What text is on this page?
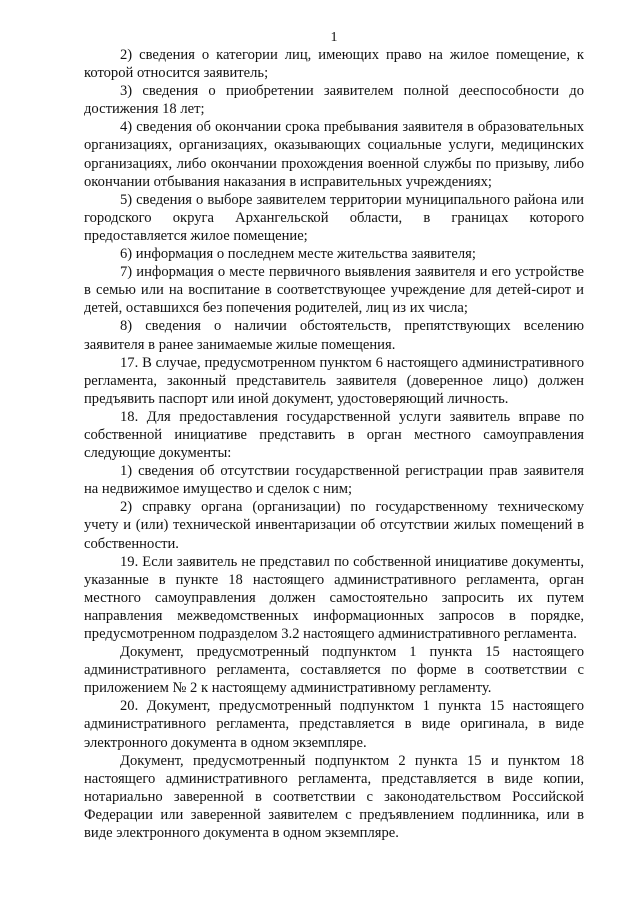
1

2) сведения о категории лиц, имеющих право на жилое помещение, к которой относится заявитель;

3) сведения о приобретении заявителем полной дееспособности до достижения 18 лет;

4) сведения об окончании срока пребывания заявителя в образовательных организациях, организациях, оказывающих социальные услуги, медицинских организациях, либо окончании прохождения военной службы по призыву, либо окончании отбывания наказания в исправительных учреждениях;

5) сведения о выборе заявителем территории муниципального района или городского округа Архангельской области, в границах которого предоставляется жилое помещение;

6) информация о последнем месте жительства заявителя;

7) информация о месте первичного выявления заявителя и его устройстве в семью или на воспитание в соответствующее учреждение для детей-сирот и детей, оставшихся без попечения родителей, лиц из их числа;

8) сведения о наличии обстоятельств, препятствующих вселению заявителя в ранее занимаемые жилые помещения.

17. В случае, предусмотренном пунктом 6 настоящего административного регламента, законный представитель заявителя (доверенное лицо) должен предъявить паспорт или иной документ, удостоверяющий личность.

18. Для предоставления государственной услуги заявитель вправе по собственной инициативе представить в орган местного самоуправления следующие документы:

1) сведения об отсутствии государственной регистрации прав заявителя на недвижимое имущество и сделок с ним;

2) справку органа (организации) по государственному техническому учету и (или) технической инвентаризации об отсутствии жилых помещений в собственности.

19. Если заявитель не представил по собственной инициативе документы, указанные в пункте 18 настоящего административного регламента, орган местного самоуправления должен самостоятельно запросить их путем направления межведомственных информационных запросов в порядке, предусмотренном подразделом 3.2 настоящего административного регламента.

Документ, предусмотренный подпунктом 1 пункта 15 настоящего административного регламента, составляется по форме в соответствии с приложением № 2 к настоящему административному регламенту.

20. Документ, предусмотренный подпунктом 1 пункта 15 настоящего административного регламента, представляется в виде оригинала, в виде электронного документа в одном экземпляре.

Документ, предусмотренный подпунктом 2 пункта 15 и пунктом 18 настоящего административного регламента, представляется в виде копии, нотариально заверенной в соответствии с законодательством Российской Федерации или заверенной заявителем с предъявлением подлинника, или в виде электронного документа в одном экземпляре.
